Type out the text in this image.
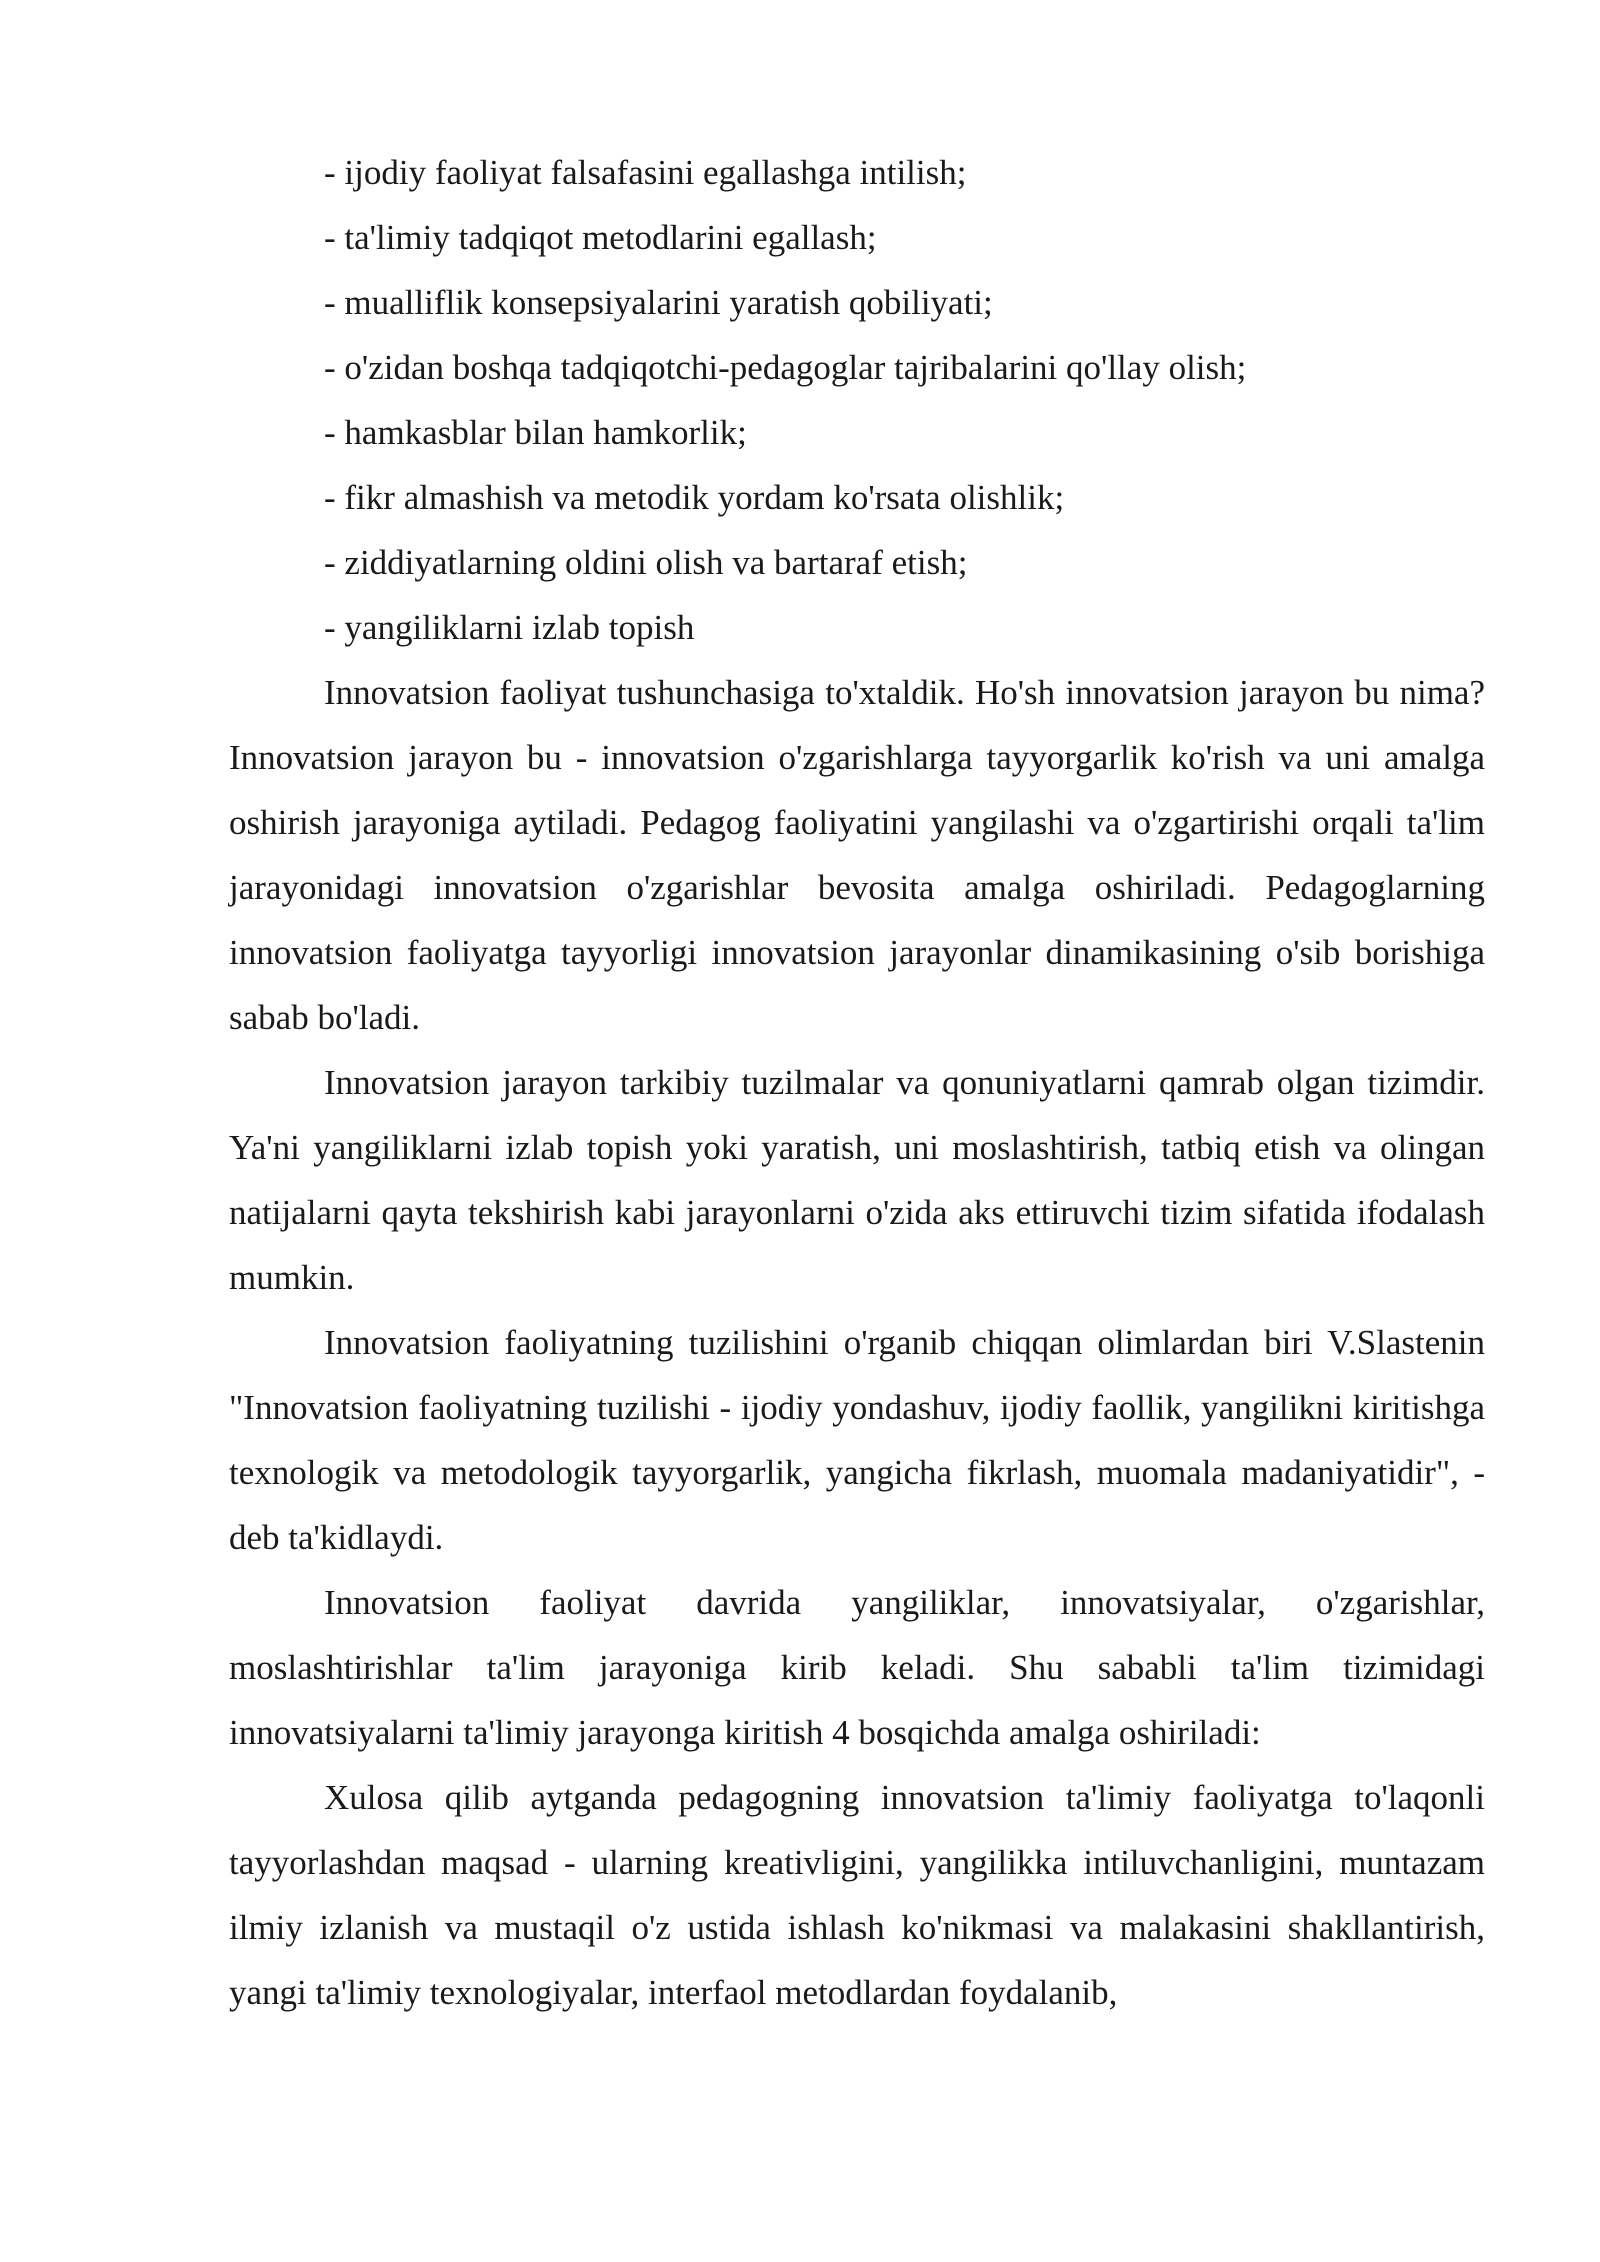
- ijodiy faoliyat falsafasini egallashga intilish;
- ta'limiy tadqiqot metodlarini egallash;
- mualliflik konsepsiyalarini yaratish qobiliyati;
- o'zidan boshqa tadqiqotchi-pedagoglar tajribalarini qo'llay olish;
- hamkasblar bilan hamkorlik;
- fikr almashish va metodik yordam ko'rsata olishlik;
- ziddiyatlarning oldini olish va bartaraf etish;
- yangiliklarni izlab topish

Innovatsion faoliyat tushunchasiga to'xtaldik. Ho'sh innovatsion jarayon bu nima? Innovatsion jarayon bu - innovatsion o'zgarishlarga tayyorgarlik ko'rish va uni amalga oshirish jarayoniga aytiladi. Pedagog faoliyatini yangilashi va o'zgartirishi orqali ta'lim jarayonidagi innovatsion o'zgarishlar bevosita amalga oshiriladi. Pedagoglarning innovatsion faoliyatga tayyorligi innovatsion jarayonlar dinamikasining o'sib borishiga sabab bo'ladi.

Innovatsion jarayon tarkibiy tuzilmalar va qonuniyatlarni qamrab olgan tizimdir. Ya'ni yangiliklarni izlab topish yoki yaratish, uni moslashtirish, tatbiq etish va olingan natijalarni qayta tekshirish kabi jarayonlarni o'zida aks ettiruvchi tizim sifatida ifodalash mumkin.

Innovatsion faoliyatning tuzilishini o'rganib chiqqan olimlardan biri V.Slastenin "Innovatsion faoliyatning tuzilishi - ijodiy yondashuv, ijodiy faollik, yangilikni kiritishga texnologik va metodologik tayyorgarlik, yangicha fikrlash, muomala madaniyatidir", - deb ta'kidlaydi.

Innovatsion faoliyat davrida yangiliklar, innovatsiyalar, o'zgarishlar, moslashtirishlar ta'lim jarayoniga kirib keladi. Shu sababli ta'lim tizimidagi innovatsiyalarni ta'limiy jarayonga kiritish 4 bosqichda amalga oshiriladi:

Xulosa qilib aytganda pedagogning innovatsion ta'limiy faoliyatga to'laqonli tayyorlashdan maqsad - ularning kreativligini, yangilikka intiluvchanligini, muntazam ilmiy izlanish va mustaqil o'z ustida ishlash ko'nikmasi va malakasini shakllantirish, yangi ta'limiy texnologiyalar, interfaol metodlardan foydalanib,
